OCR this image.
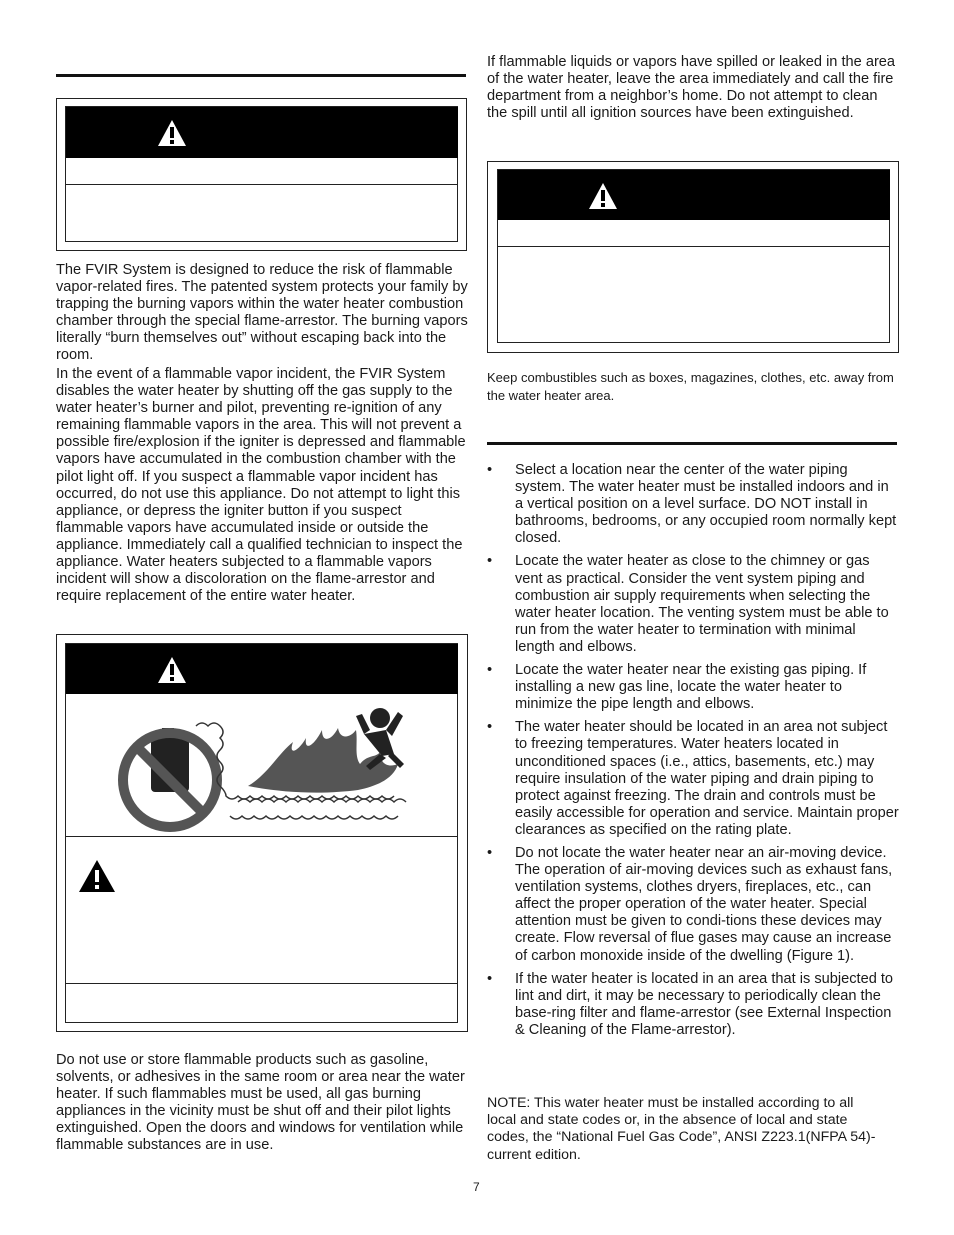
The FVIR System is designed to reduce the risk of flammable vapor-related fires. The patented system protects your family by trapping the burning vapors within the water heater combustion chamber through the special flame-arrestor. The burning vapors literally “burn themselves out” without escaping back into the room.

In the event of a flammable vapor incident, the FVIR System disables the water heater by shutting off the gas supply to the water heater’s burner and pilot, preventing re-ignition of any remaining flammable vapors in the area. This will not prevent a possible fire/explosion if the igniter is depressed and flammable vapors have accumulated in the combustion chamber with the pilot light off. If you suspect a flammable vapor incident has occurred, do not use this appliance. Do not attempt to light this appliance, or depress the igniter button if you suspect flammable vapors have accumulated inside or outside the appliance. Immediately call a qualified technician to inspect the appliance. Water heaters subjected to a flammable vapors incident will show a discoloration on the flame-arrestor and require replacement of the entire water heater.

Do not use or store flammable products such as gasoline, solvents, or adhesives in the same room or area near the water heater. If such flammables must be used, all gas burning appliances in the vicinity must be shut off and their pilot lights extinguished. Open the doors and windows for ventilation while flammable substances are in use.

If flammable liquids or vapors have spilled or leaked in the area of the water heater, leave the area immediately and call the fire department from a neighbor’s home. Do not attempt to clean the spill until all ignition sources have been extinguished.

Keep combustibles such as boxes, magazines, clothes, etc. away from the water heater area.

• Select a location near the center of the water piping system. The water heater must be installed indoors and in a vertical position on a level surface. DO NOT install in bathrooms, bedrooms, or any occupied room normally kept closed.
• Locate the water heater as close to the chimney or gas vent as practical. Consider the vent system piping and combustion air supply requirements when selecting the water heater location. The venting system must be able to run from the water heater to termination with minimal length and elbows.
• Locate the water heater near the existing gas piping. If installing a new gas line, locate the water heater to minimize the pipe length and elbows.
• The water heater should be located in an area not subject to freezing temperatures. Water heaters located in unconditioned spaces (i.e., attics, basements, etc.) may require insulation of the water piping and drain piping to protect against freezing. The drain and controls must be easily accessible for operation and service. Maintain proper clearances as specified on the rating plate.
• Do not locate the water heater near an air-moving device. The operation of air-moving devices such as exhaust fans, ventilation systems, clothes dryers, fireplaces, etc., can affect the proper operation of the water heater. Special attention must be given to condi-tions these devices may create. Flow reversal of flue gases may cause an increase of carbon monoxide inside of the dwelling (Figure 1).
• If the water heater is located in an area that is subjected to lint and dirt, it may be necessary to periodically clean the base-ring filter and flame-arrestor (see External Inspection & Cleaning of the Flame-arrestor).

NOTE: This water heater must be installed according to all local and state codes or, in the absence of local and state codes, the “National Fuel Gas Code”, ANSI Z223.1(NFPA 54)-current edition.

7
